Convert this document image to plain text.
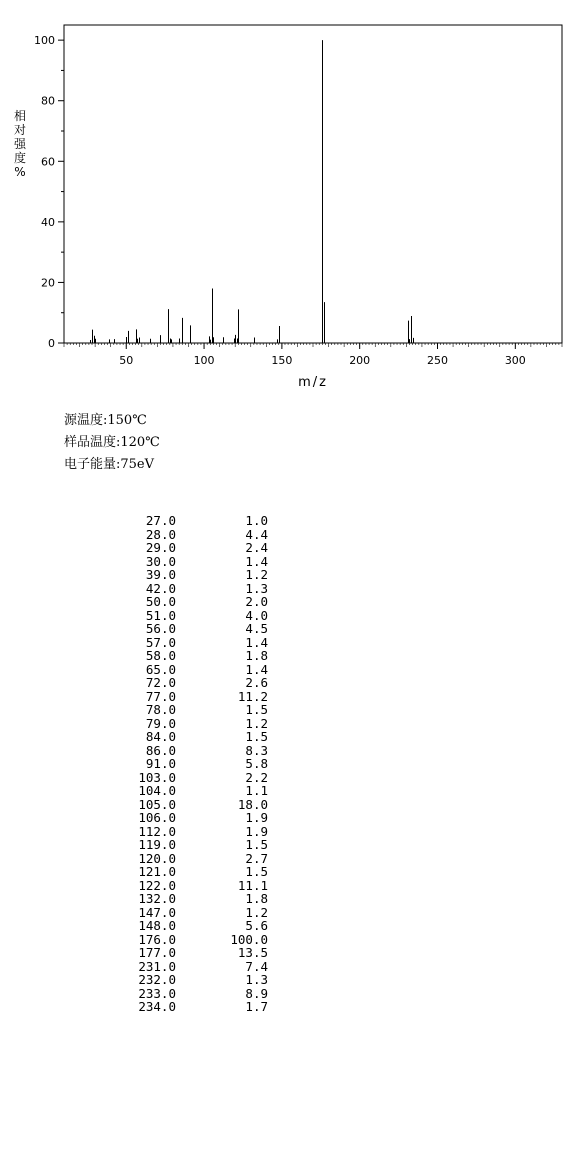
50	100	150	200	250	300
0
20
40
60
80
100
相对强度%
m/z
源温度:150℃
样品温度:120℃
电子能量:75eV
27.0	1.0
28.0	4.4
29.0	2.4
30.0	1.4
39.0	1.2
42.0	1.3
50.0	2.0
51.0	4.0
56.0	4.5
57.0	1.4
58.0	1.8
65.0	1.4
72.0	2.6
77.0	11.2
78.0	1.5
79.0	1.2
84.0	1.5
86.0	8.3
91.0	5.8
103.0	2.2
104.0	1.1
105.0	18.0
106.0	1.9
112.0	1.9
119.0	1.5
120.0	2.7
121.0	1.5
122.0	11.1
132.0	1.8
147.0	1.2
148.0	5.6
176.0	100.0
177.0	13.5
231.0	7.4
232.0	1.3
233.0	8.9
234.0	1.7
